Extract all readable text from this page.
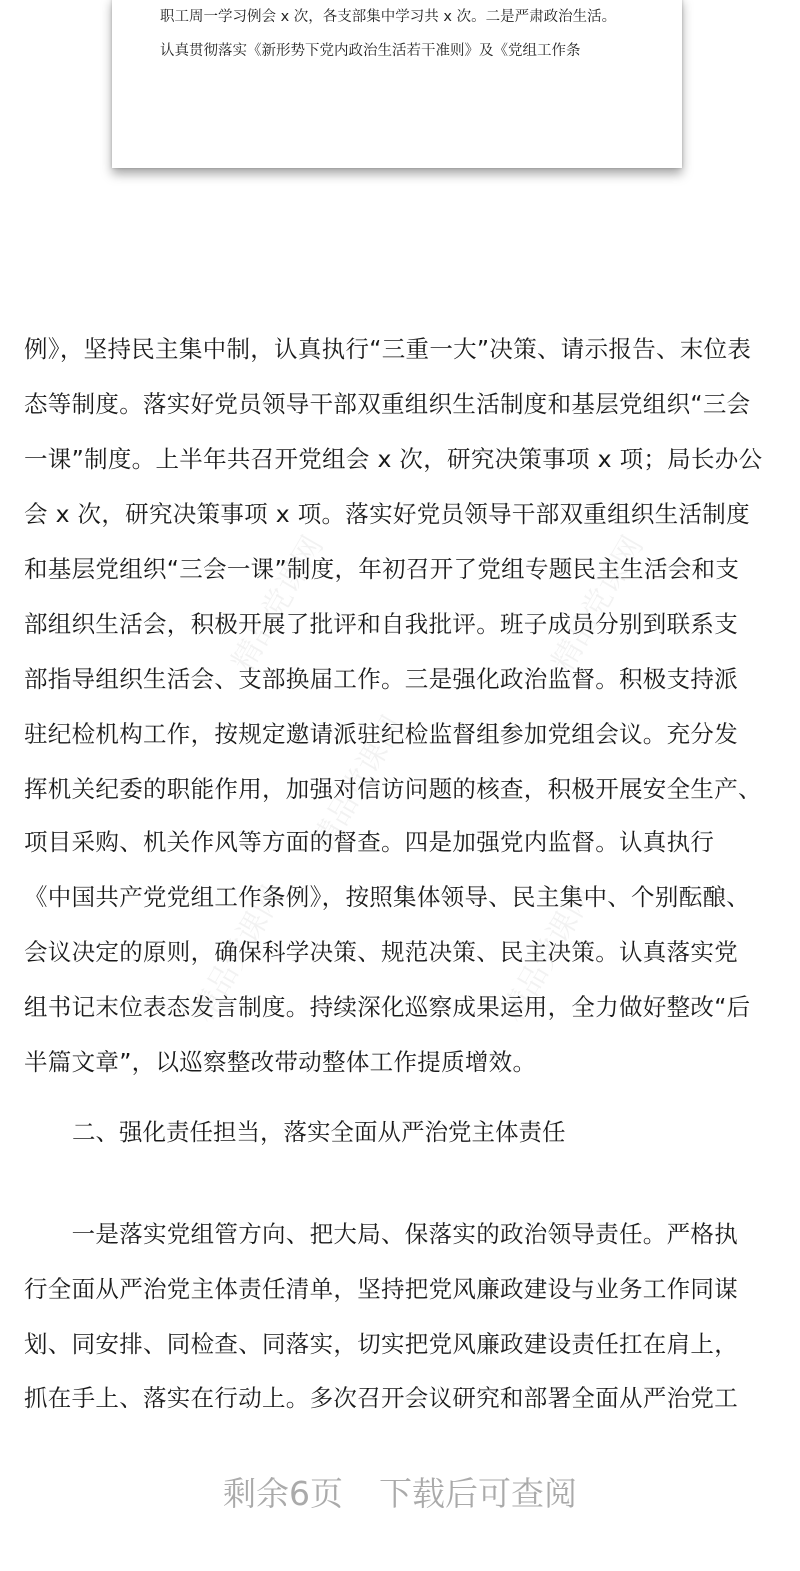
职工周一学习例会 x 次，各支部集中学习共 x 次。二是严肃政治生活。
认真贯彻落实《新形势下党内政治生活若干准则》及《党组工作条
精品党课网	精品党课网
精品党课网
精品党课网	精品党课网
例》，坚持民主集中制，认真执行“三重一大”决策、请示报告、末位表
态等制度。落实好党员领导干部双重组织生活制度和基层党组织“三会
一课”制度。上半年共召开党组会 x 次，研究决策事项 x 项；局长办公
会 x 次，研究决策事项 x 项。落实好党员领导干部双重组织生活制度
和基层党组织“三会一课”制度，年初召开了党组专题民主生活会和支
部组织生活会，积极开展了批评和自我批评。班子成员分别到联系支
部指导组织生活会、支部换届工作。三是强化政治监督。积极支持派
驻纪检机构工作，按规定邀请派驻纪检监督组参加党组会议。充分发
挥机关纪委的职能作用，加强对信访问题的核查，积极开展安全生产、
项目采购、机关作风等方面的督查。四是加强党内监督。认真执行
《中国共产党党组工作条例》，按照集体领导、民主集中、个别酝酿、
会议决定的原则，确保科学决策、规范决策、民主决策。认真落实党
组书记末位表态发言制度。持续深化巡察成果运用，全力做好整改“后
半篇文章”，以巡察整改带动整体工作提质增效。
二、强化责任担当，落实全面从严治党主体责任
　　一是落实党组管方向、把大局、保落实的政治领导责任。严格执
行全面从严治党主体责任清单，坚持把党风廉政建设与业务工作同谋
划、同安排、同检查、同落实，切实把党风廉政建设责任扛在肩上，
抓在手上、落实在行动上。多次召开会议研究和部署全面从严治党工
剩余6页 下载后可查阅
